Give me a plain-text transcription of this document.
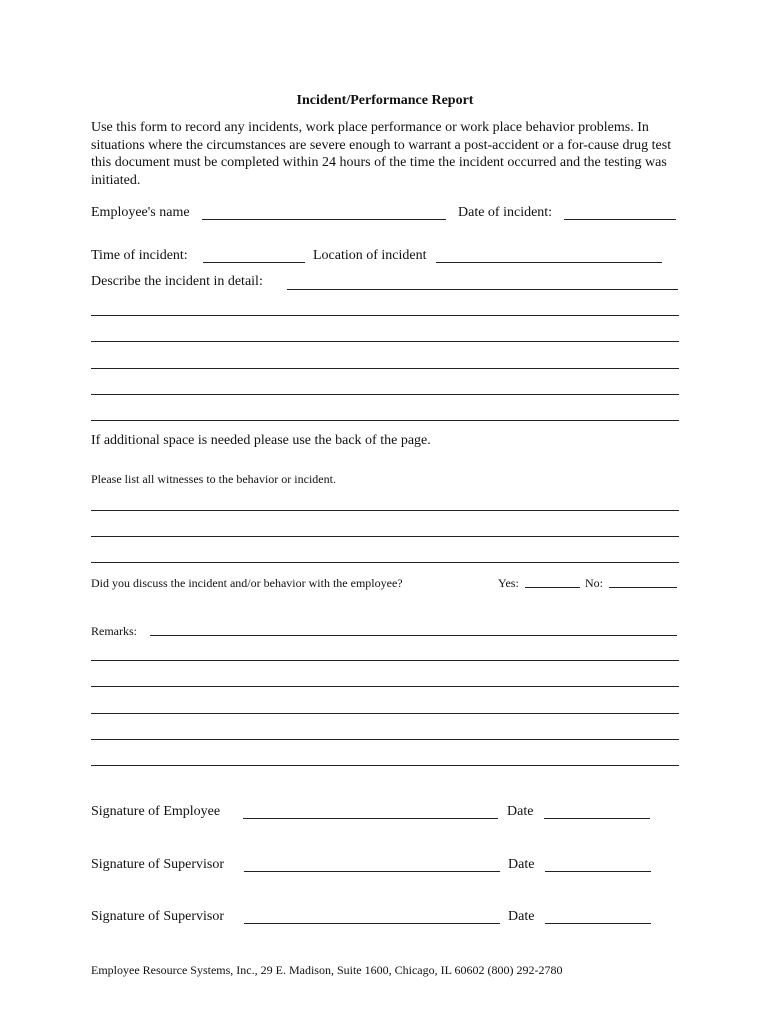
Incident/Performance Report
Use this form to record any incidents, work place performance or work place behavior problems. In situations where the circumstances are severe enough to warrant a post-accident or a for-cause drug test this document must be completed within 24 hours of the time the incident occurred and the testing was initiated.
Employee's name	Date of incident:
Time of incident:	Location of incident
Describe the incident in detail:
If additional space is needed please use the back of the page.
Please list all witnesses to the behavior or incident.
Did you discuss the incident and/or behavior with the employee?	Yes:	No:
Remarks:
Signature of Employee	Date
Signature of Supervisor	Date
Signature of Supervisor	Date
Employee Resource Systems, Inc., 29 E. Madison, Suite 1600, Chicago, IL 60602 (800) 292-2780
